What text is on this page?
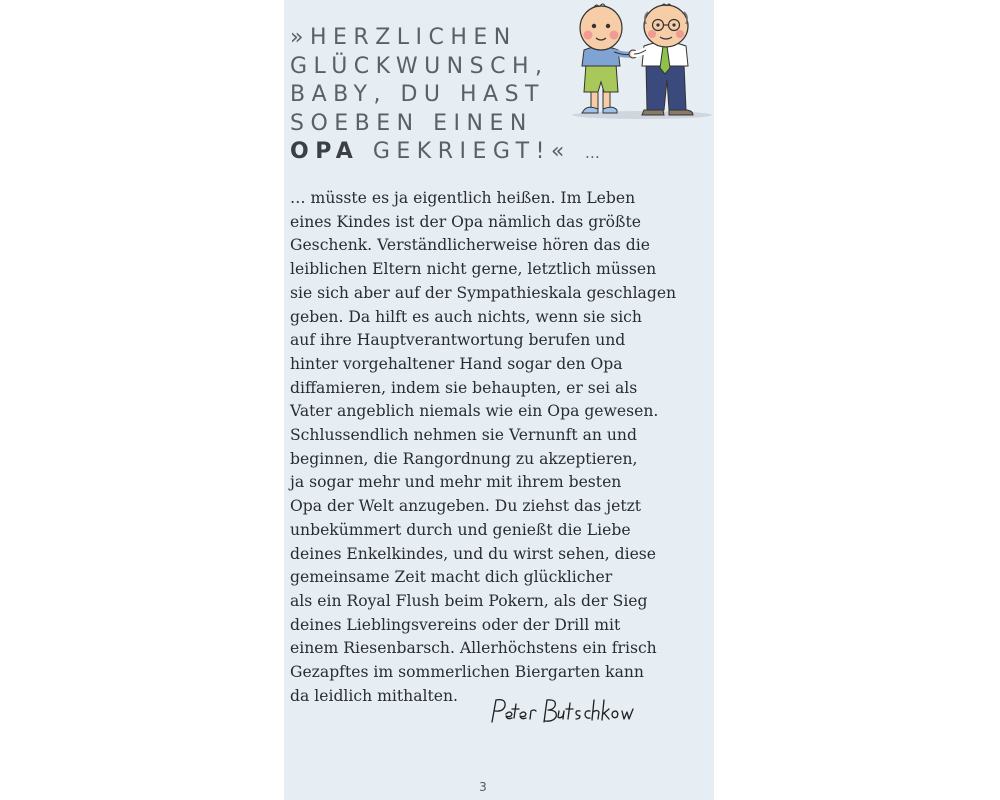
»HERZLICHEN
GLÜCKWUNSCH,
BABY, DU HAST
SOEBEN EINEN
OPA GEKRIEGT!« …
… müsste es ja eigentlich heißen. Im Leben
eines Kindes ist der Opa nämlich das größte
Geschenk. Verständlicherweise hören das die
leiblichen Eltern nicht gerne, letztlich müssen
sie sich aber auf der Sympathieskala geschlagen
geben. Da hilft es auch nichts, wenn sie sich
auf ihre Hauptverantwortung berufen und
hinter vorgehaltener Hand sogar den Opa
diffamieren, indem sie behaupten, er sei als
Vater angeblich niemals wie ein Opa gewesen.
Schlussendlich nehmen sie Vernunft an und
beginnen, die Rangordnung zu akzeptieren,
ja sogar mehr und mehr mit ihrem besten
Opa der Welt anzugeben. Du ziehst das jetzt
unbekümmert durch und genießt die Liebe
deines Enkelkindes, und du wirst sehen, diese
gemeinsame Zeit macht dich glücklicher
als ein Royal Flush beim Pokern, als der Sieg
deines Lieblingsvereins oder der Drill mit
einem Riesenbarsch. Allerhöchstens ein frisch
Gezapftes im sommerlichen Biergarten kann
da leidlich mithalten.
3
